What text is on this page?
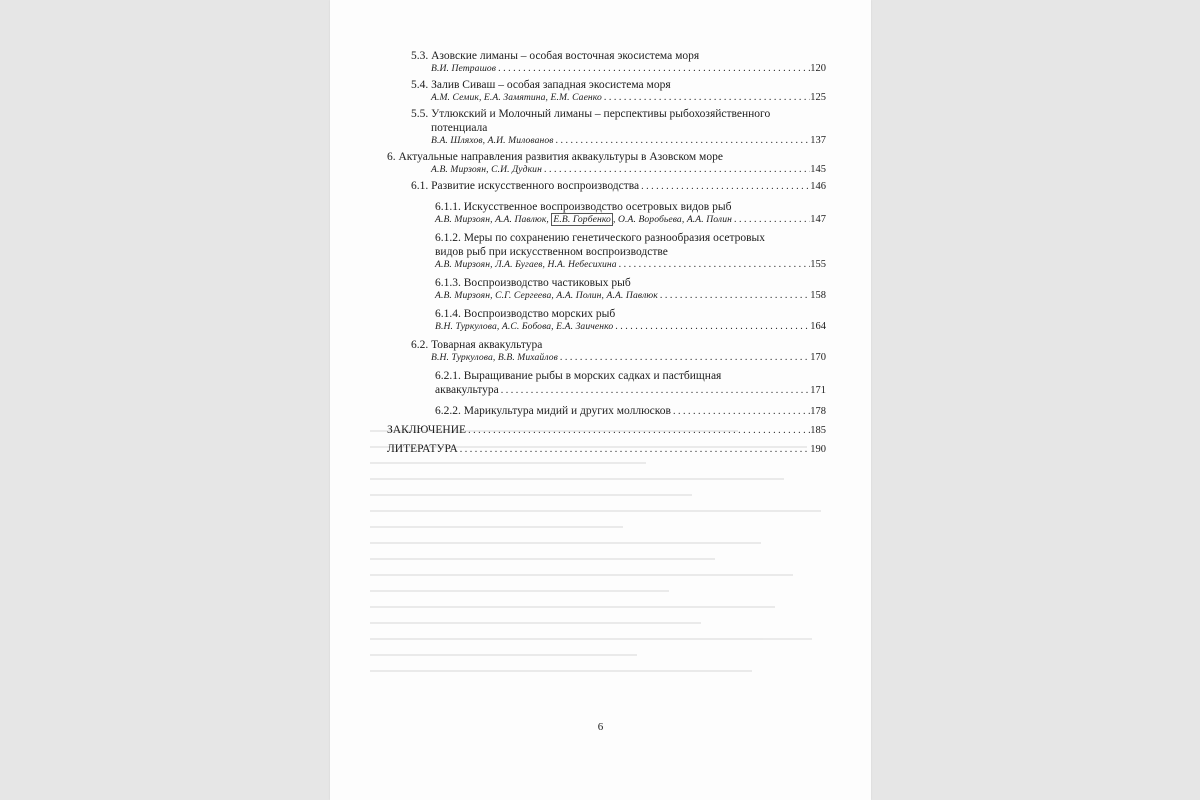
5.3. Азовские лиманы – особая восточная экосистема моря
В.И. Петрашов . . .	120
5.4. Залив Сиваш – особая западная экосистема моря
А.М. Семик, Е.А. Замятина, Е.М. Саенко . . .	125
5.5. Утлюкский и Молочный лиманы – перспективы рыбохозяйственного
потенциала
В.А. Шляхов, А.И. Милованов . . .	137
6. Актуальные направления развития аквакультуры в Азовском море
А.В. Мирзоян, С.И. Дудкин . . .	145
6.1. Развитие искусственного воспроизводства . . .	146
6.1.1. Искусственное воспроизводство осетровых видов рыб
А.В. Мирзоян, А.А. Павлюк, Е.В. Горбенко , О.А. Воробьева, А.А. Полин . . .	147
6.1.2. Меры по сохранению генетического разнообразия осетровых
видов рыб при искусственном воспроизводстве
А.В. Мирзоян, Л.А. Бугаев, Н.А. Небесихина . . .	155
6.1.3. Воспроизводство частиковых рыб
А.В. Мирзоян, С.Г. Сергеева, А.А. Полин, А.А. Павлюк . . .	158
6.1.4. Воспроизводство морских рыб
В.Н. Туркулова, А.С. Бобова, Е.А. Заиченко . . .	164
6.2. Товарная аквакультура
В.Н. Туркулова, В.В. Михайлов . . .	170
6.2.1. Выращивание рыбы в морских садках и пастбищная
аквакультура . . .	171
6.2.2. Марикультура мидий и других моллюсков . . .	178
ЗАКЛЮЧЕНИЕ . . .	185
ЛИТЕРАТУРА . . .	190
6
